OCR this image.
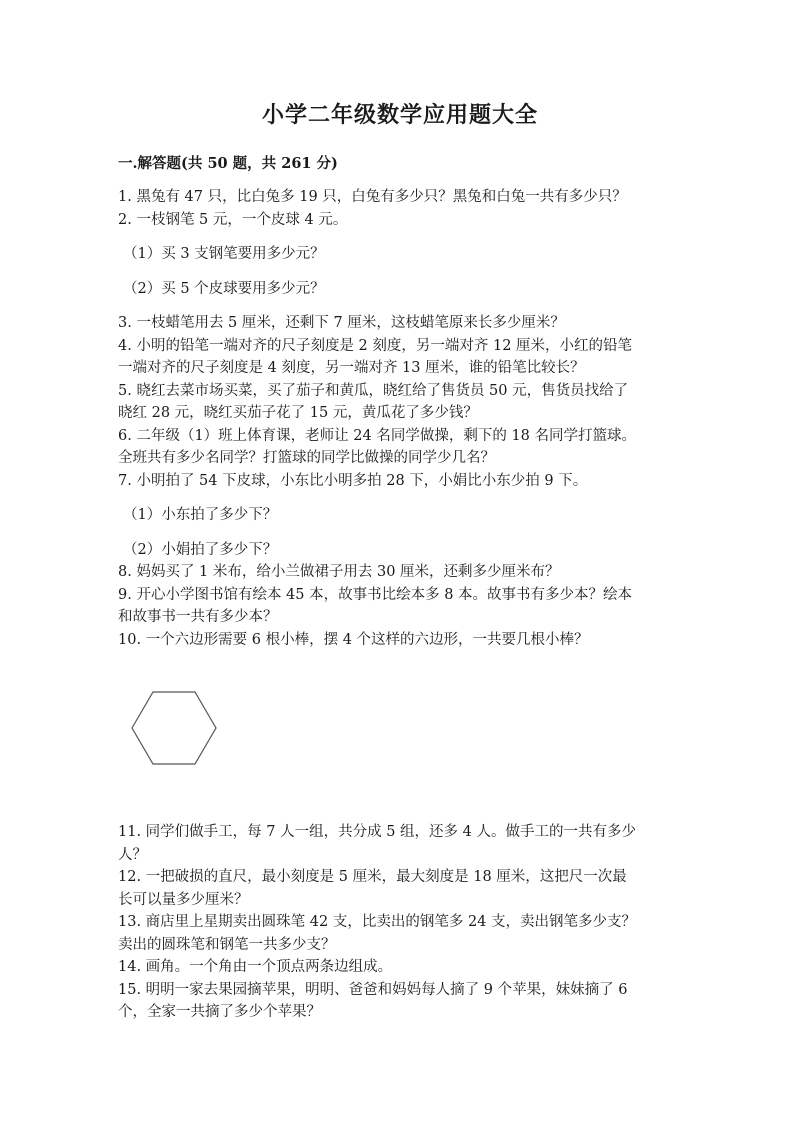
小学二年级数学应用题大全
一.解答题(共 50 题，共 261 分)
1. 黑兔有 47 只，比白兔多 19 只，白兔有多少只？黑兔和白兔一共有多少只？
2. 一枝钢笔 5 元，一个皮球 4 元。
（1）买 3 支钢笔要用多少元？
（2）买 5 个皮球要用多少元？
3. 一枝蜡笔用去 5 厘米，还剩下 7 厘米，这枝蜡笔原来长多少厘米？
4. 小明的铅笔一端对齐的尺子刻度是 2 刻度，另一端对齐 12 厘米，小红的铅笔
一端对齐的尺子刻度是 4 刻度，另一端对齐 13 厘米，谁的铅笔比较长？
5. 晓红去菜市场买菜，买了茄子和黄瓜，晓红给了售货员 50 元，售货员找给了
晓红 28 元，晓红买茄子花了 15 元，黄瓜花了多少钱？
6. 二年级（1）班上体育课，老师让 24 名同学做操，剩下的 18 名同学打篮球。
全班共有多少名同学？打篮球的同学比做操的同学少几名？
7. 小明拍了 54 下皮球，小东比小明多拍 28 下，小娟比小东少拍 9 下。
（1）小东拍了多少下？
（2）小娟拍了多少下？
8. 妈妈买了 1 米布，给小兰做裙子用去 30 厘米，还剩多少厘米布？
9. 开心小学图书馆有绘本 45 本，故事书比绘本多 8 本。故事书有多少本？绘本
和故事书一共有多少本？
10. 一个六边形需要 6 根小棒，摆 4 个这样的六边形，一共要几根小棒？
11. 同学们做手工，每 7 人一组，共分成 5 组，还多 4 人。做手工的一共有多少
人？
12. 一把破损的直尺，最小刻度是 5 厘米，最大刻度是 18 厘米，这把尺一次最
长可以量多少厘米？
13. 商店里上星期卖出圆珠笔 42 支，比卖出的钢笔多 24 支，卖出钢笔多少支？
卖出的圆珠笔和钢笔一共多少支？
14. 画角。一个角由一个顶点两条边组成。
15. 明明一家去果园摘苹果，明明、爸爸和妈妈每人摘了 9 个苹果，妹妹摘了 6
个，全家一共摘了多少个苹果？
